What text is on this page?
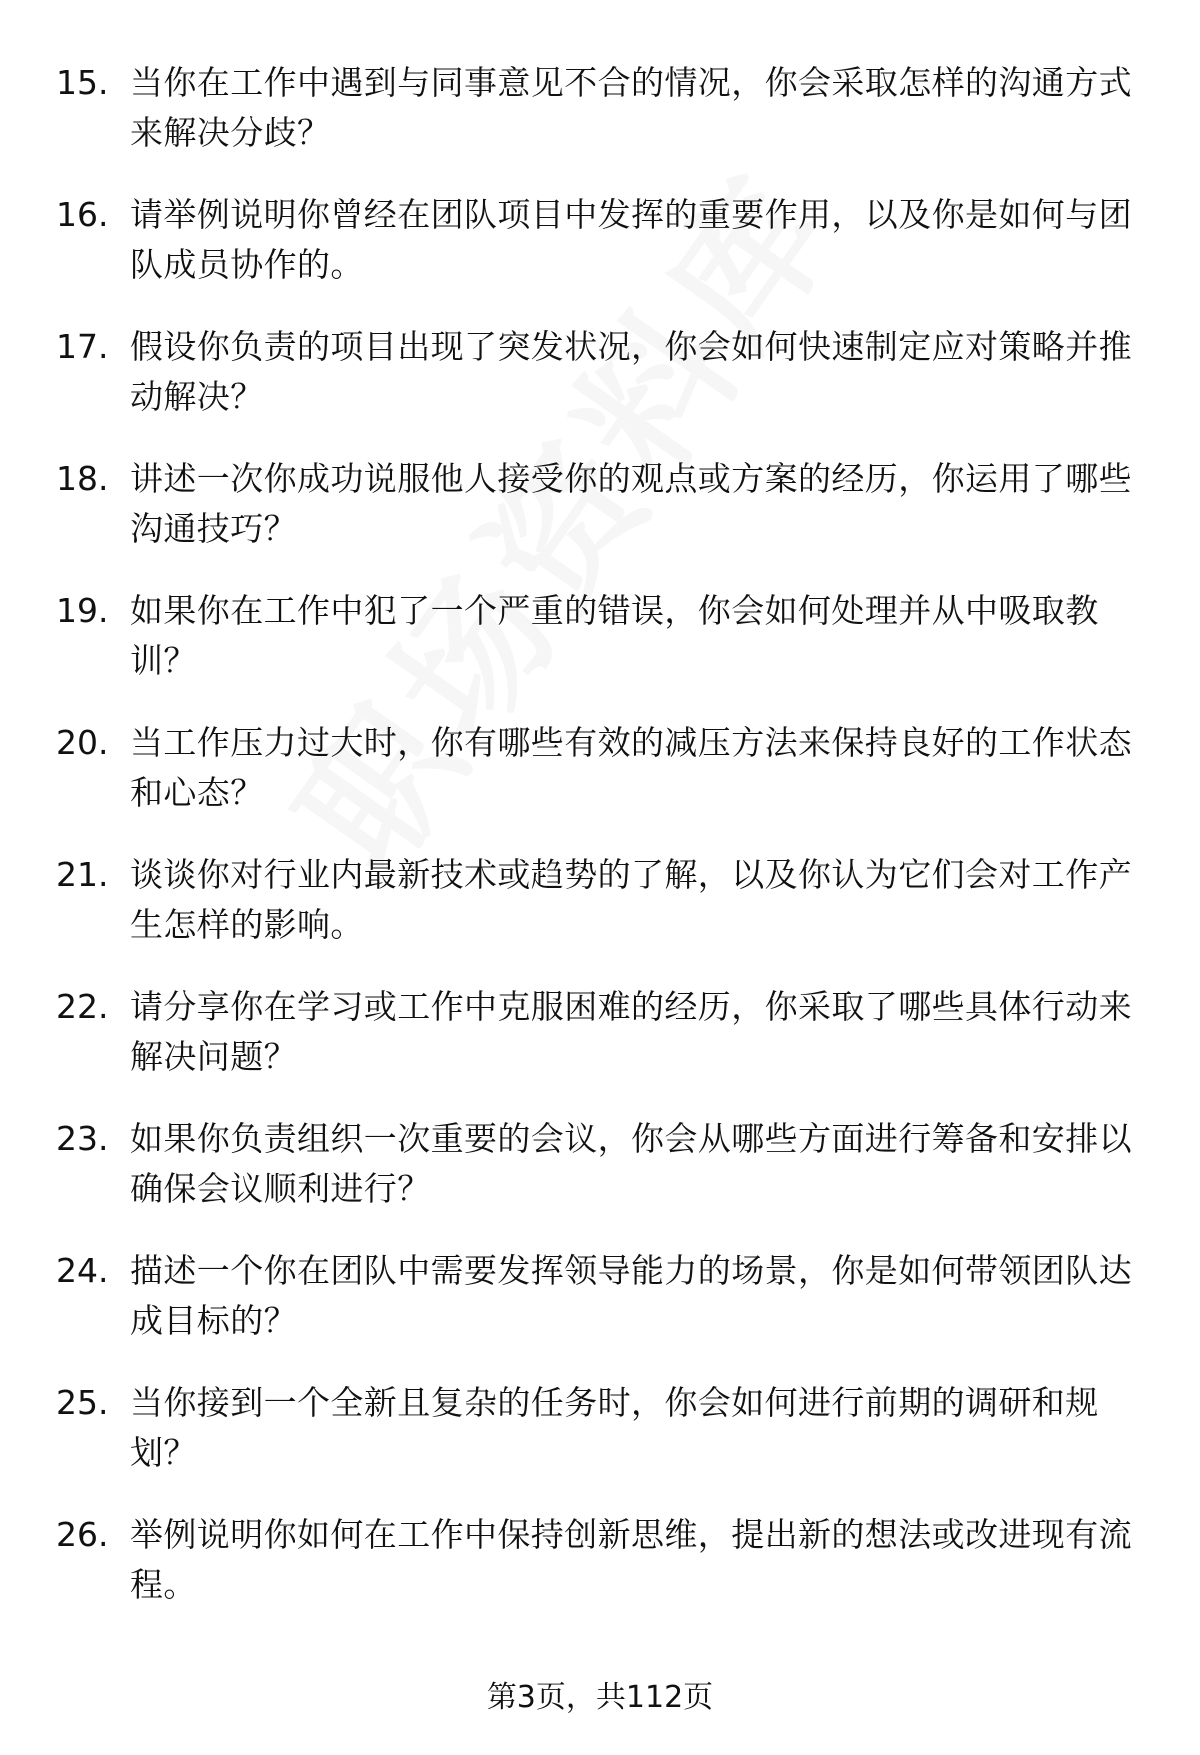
15. 当你在工作中遇到与同事意见不合的情况，你会采取怎样的沟通方式来解决分歧？
16. 请举例说明你曾经在团队项目中发挥的重要作用，以及你是如何与团队成员协作的。
17. 假设你负责的项目出现了突发状况，你会如何快速制定应对策略并推动解决？
18. 讲述一次你成功说服他人接受你的观点或方案的经历，你运用了哪些沟通技巧？
19. 如果你在工作中犯了一个严重的错误，你会如何处理并从中吸取教训？
20. 当工作压力过大时，你有哪些有效的减压方法来保持良好的工作状态和心态？
21. 谈谈你对行业内最新技术或趋势的了解，以及你认为它们会对工作产生怎样的影响。
22. 请分享你在学习或工作中克服困难的经历，你采取了哪些具体行动来解决问题？
23. 如果你负责组织一次重要的会议，你会从哪些方面进行筹备和安排以确保会议顺利进行？
24. 描述一个你在团队中需要发挥领导能力的场景，你是如何带领团队达成目标的？
25. 当你接到一个全新且复杂的任务时，你会如何进行前期的调研和规划？
26. 举例说明你如何在工作中保持创新思维，提出新的想法或改进现有流程。
第3页，共112页
